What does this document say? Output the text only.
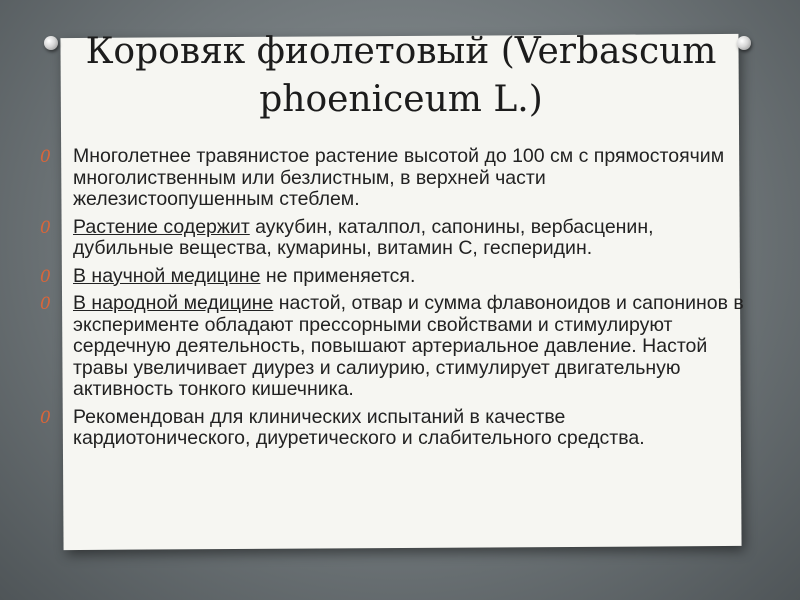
Коровяк фиолетовый (Verbascum phoeniceum L.)
0 Многолетнее травянистое растение высотой до 100 см с прямостоячим многолиственным или безлистным, в верхней части железистоопушенным стеблем.
0 Растение содержит аукубин, каталпол, сапонины, вербасценин, дубильные вещества, кумарины, витамин С, гесперидин.
0 В научной медицине не применяется.
0 В народной медицине настой, отвар и сумма флавоноидов и сапонинов в эксперименте обладают прессорными свойствами и стимулируют сердечную деятельность, повышают артериальное давление. Настой травы увеличивает диурез и салиурию, стимулирует двигательную активность тонкого кишечника.
0 Рекомендован для клинических испытаний в качестве кардиотонического, диуретического и слабительного средства.
